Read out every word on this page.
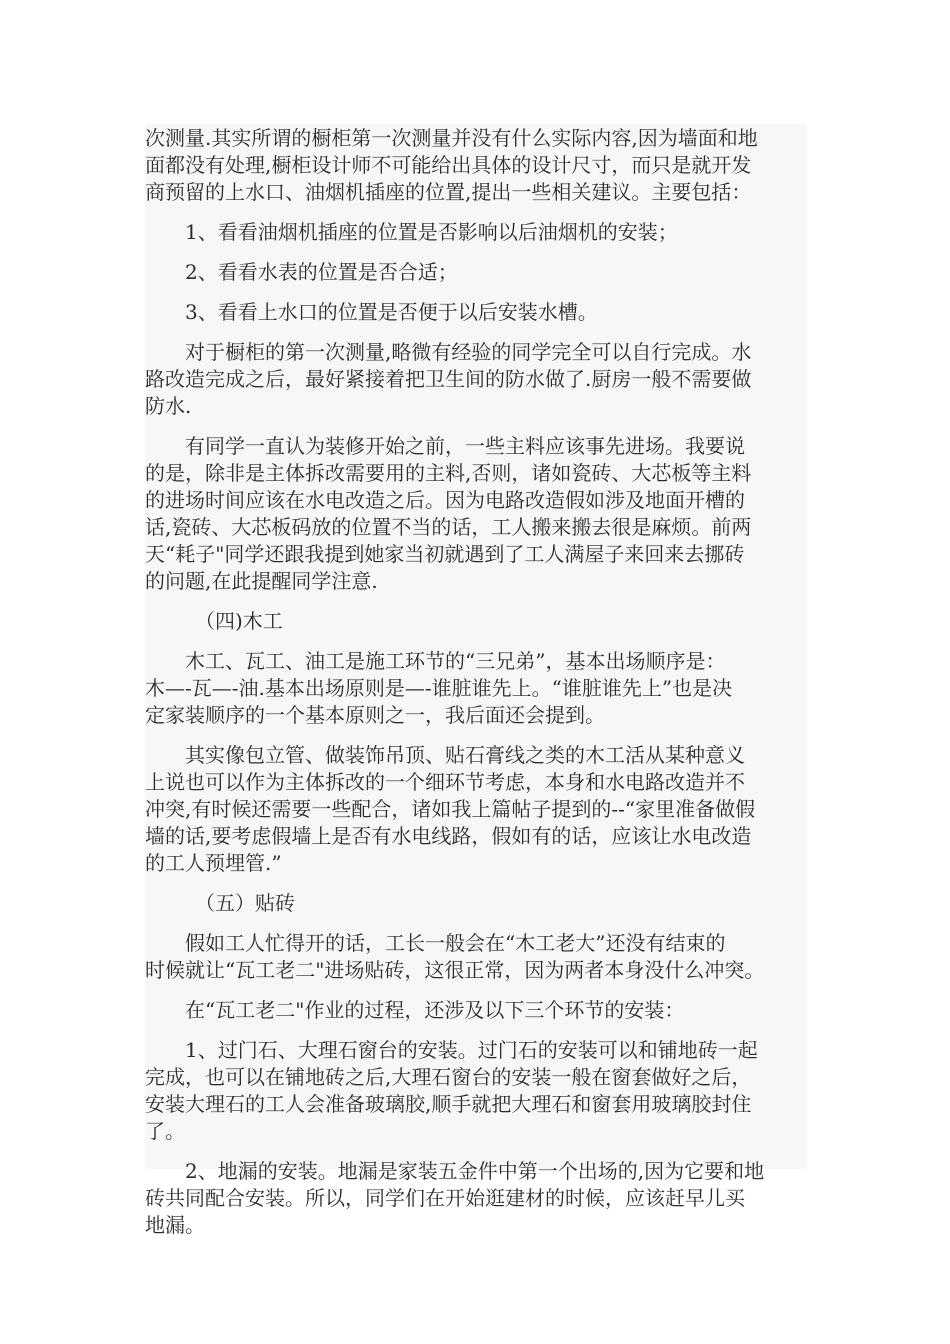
次测量.其实所谓的橱柜第一次测量并没有什么实际内容,因为墙面和地
面都没有处理,橱柜设计师不可能给出具体的设计尺寸，而只是就开发
商预留的上水口、油烟机插座的位置,提出一些相关建议。主要包括：

1、看看油烟机插座的位置是否影响以后油烟机的安装；

2、看看水表的位置是否合适；

3、看看上水口的位置是否便于以后安装水槽。

对于橱柜的第一次测量,略微有经验的同学完全可以自行完成。水
路改造完成之后，最好紧接着把卫生间的防水做了.厨房一般不需要做
防水.

有同学一直认为装修开始之前，一些主料应该事先进场。我要说
的是，除非是主体拆改需要用的主料,否则，诸如瓷砖、大芯板等主料
的进场时间应该在水电改造之后。因为电路改造假如涉及地面开槽的
话,瓷砖、大芯板码放的位置不当的话，工人搬来搬去很是麻烦。前两
天“耗子"同学还跟我提到她家当初就遇到了工人满屋子来回来去挪砖
的问题,在此提醒同学注意.

（四)木工

木工、瓦工、油工是施工环节的“三兄弟”，基本出场顺序是：
木—-瓦—-油.基本出场原则是—-谁脏谁先上。“谁脏谁先上”也是决
定家装顺序的一个基本原则之一，我后面还会提到。

其实像包立管、做装饰吊顶、贴石膏线之类的木工活从某种意义
上说也可以作为主体拆改的一个细环节考虑，本身和水电路改造并不
冲突,有时候还需要一些配合，诸如我上篇帖子提到的--“家里准备做假
墙的话,要考虑假墙上是否有水电线路，假如有的话，应该让水电改造
的工人预埋管.”

（五）贴砖

假如工人忙得开的话，工长一般会在“木工老大”还没有结束的
时候就让“瓦工老二"进场贴砖，这很正常，因为两者本身没什么冲突。

在“瓦工老二"作业的过程，还涉及以下三个环节的安装：

1、过门石、大理石窗台的安装。过门石的安装可以和铺地砖一起
完成，也可以在铺地砖之后,大理石窗台的安装一般在窗套做好之后，
安装大理石的工人会准备玻璃胶,顺手就把大理石和窗套用玻璃胶封住
了。

2、地漏的安装。地漏是家装五金件中第一个出场的,因为它要和地
砖共同配合安装。所以，同学们在开始逛建材的时候，应该赶早儿买
地漏。
